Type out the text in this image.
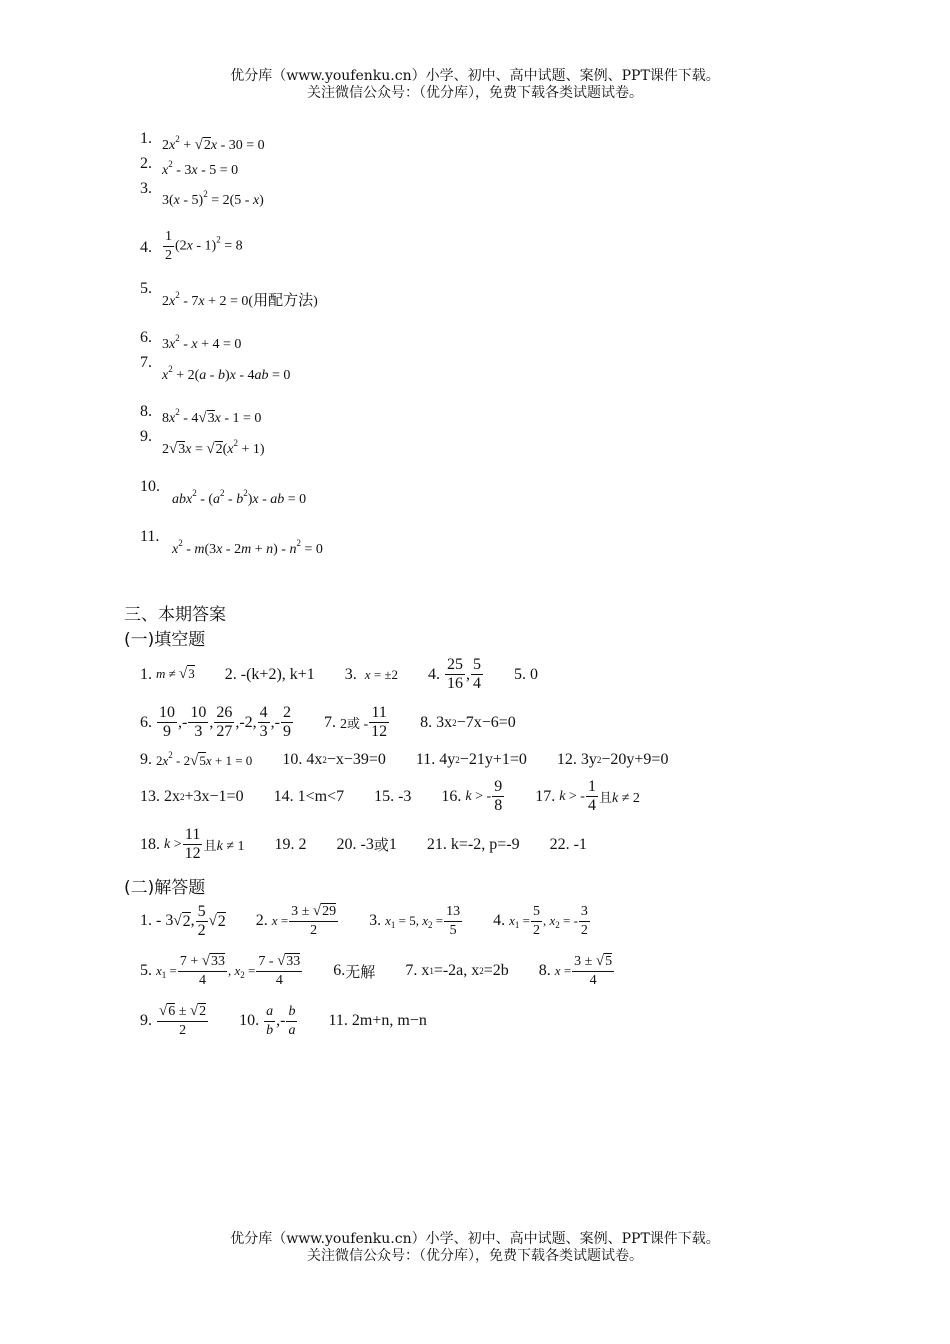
优分库（www.youfenku.cn）小学、初中、高中试题、案例、PPT课件下载。
关注微信公众号：（优分库），免费下载各类试题试卷。
1. $2x^2 + √2x - 30 = 0$
2. $x^2 - 3x - 5 = 0$
3.
3(x - 5)$^2$ = 2(5 - x)
4. $\frac{1}{2} (2x - 1)^2 = 8$
5.
$2x^2 - 7x + 2 = 0$(用配方法)
6. $3x^2 - x + 4 = 0$
7.
$x^2 + 2(a - b)x - 4ab = 0$
8. $8x^2 - 4√3x - 1 = 0$
9.
$2√3x = √2(x^2 + 1)$
10.
$abx^2 - (a^2 - b^2)x$ - ab = 0
11.
$x^2 - m(3x - 2m + n) - n^2 = 0$
三、本期答案
(一)填空题
1. m ≠ √3 2. -(k+2), k+1 3. x = ±2 4. $\frac{25}{16}$ , $\frac{5}{4} 5$. 0
6. $\frac{10}{9}$ ,- $\frac{10}{3}$ , $\frac{26}{27} ,-2$, $\frac{4}{3}$ ,- $\frac{2}{9} 7$. 2或 - $\frac{11}{12} 8$. 3x 2 −7x−6=0
9. $2x^2 - 2√5x + 1 = 0$ 10. 4x 2 −x−39=0 11. 4y 2 −21y+1=0 12. 3y 2 −20y+9=0
13. 2x 2 +3x−1=0 14. 1<m<7 15. -3 16. k > - $\frac{9}{8} 17$. k > - $\frac{1}{4}$ 且k ≠ 2
18. $k > \frac{11}{12}$ 且k ≠ 1 19. 2 20. -3 或 1 21. k=-2, p=-9 22. -1
(二)解答题
1. - 3 √ 2 , $\frac{5}{2}$ √ 2 2. $x = \frac{3 \pm √29}{2} 3$. $x_1 = 5$, $x_2 = \frac{13}{5} 4$. $x_1 = \frac{5}{2}$ , $x_2$ = - $\frac{3}{2}$
5. $x_1 = \frac{7 + √33}{4}$ , $x_2 = \frac{7 - √33}{4} 6$. 无解 7. x 1 =-2a, x 2 =2b 8. $x = \frac{3 \pm √5}{4}$
9. $\frac{√6 \pm √2}{2} 10$. $\frac{a}{b}$ ,- $\frac{b}{a} 11$. 2m+n, m−n
优分库（www.youfenku.cn）小学、初中、高中试题、案例、PPT课件下载。
关注微信公众号：（优分库），免费下载各类试题试卷。
